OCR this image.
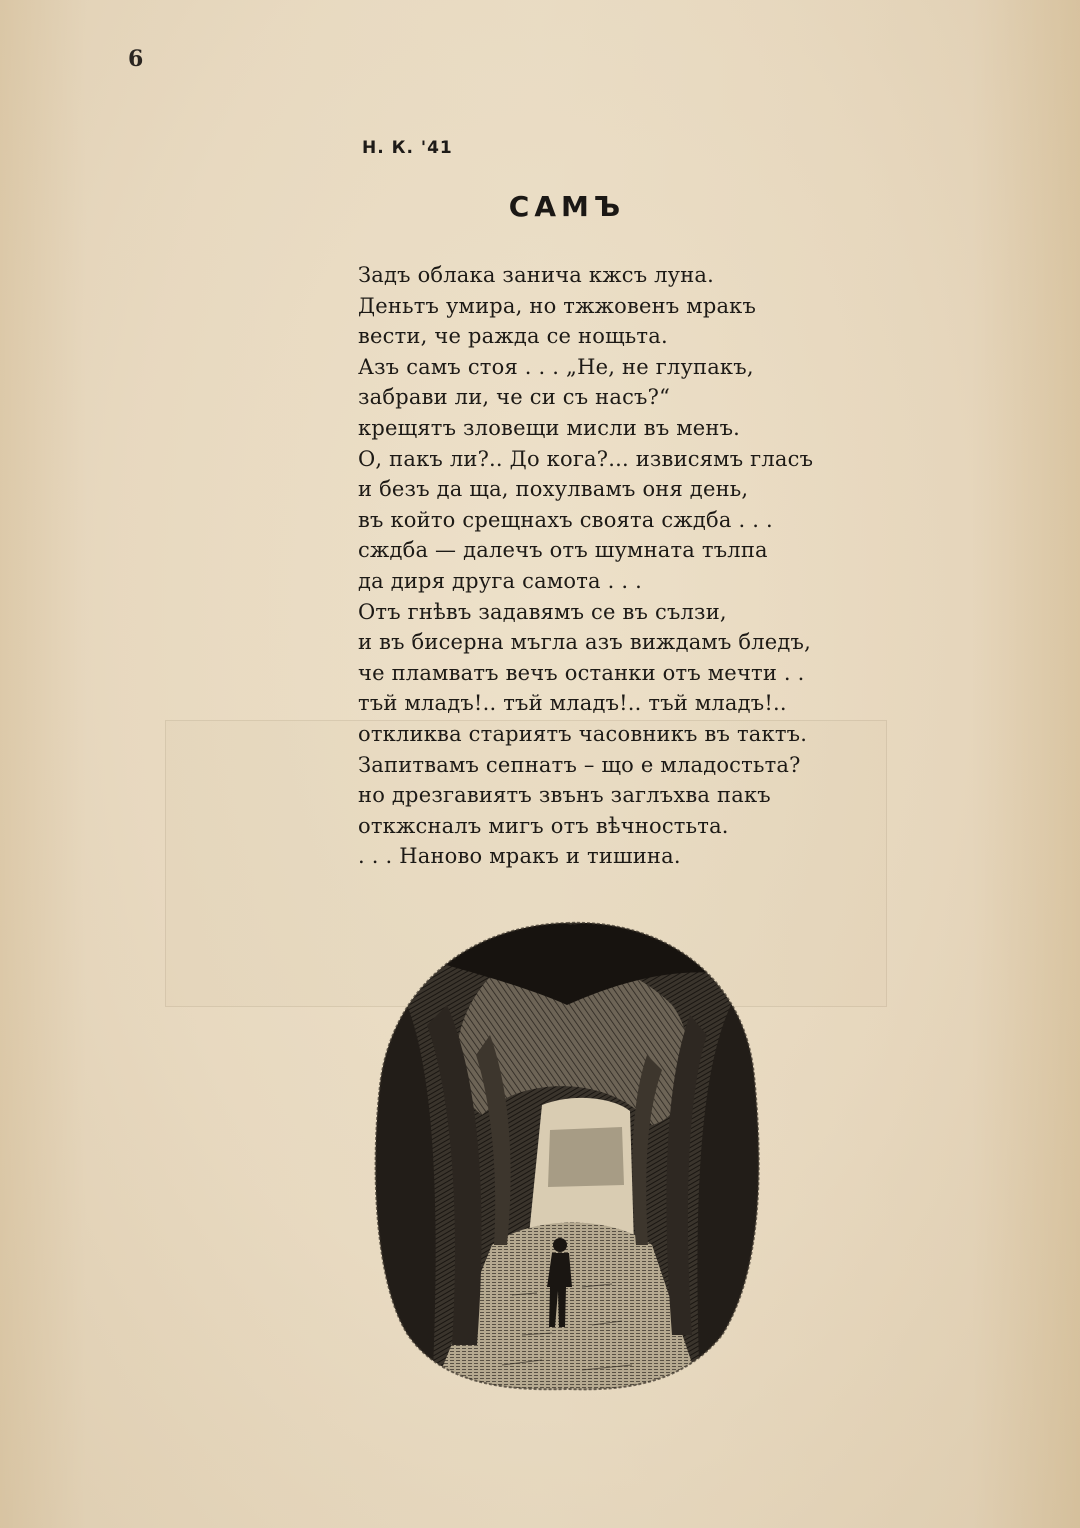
6
Н. К. '41
САМЪ
Задъ облака занича кжсъ луна.
Деньтъ умира, но тжжовенъ мракъ
вести, че ражда се нощьта.
Азъ самъ стоя . . . „Не, не глупакъ,
забрави ли, че си съ насъ?“
крещятъ зловещи мисли въ менъ.
О, пакъ ли?.. До кога?... извисямъ гласъ
и безъ да ща, похулвамъ оня день,
въ който срещнахъ своята сждба . . .
сждба — далечъ отъ шумната тълпа
да диря друга самота . . .
Отъ гнѣвъ задавямъ се въ сълзи,
и въ бисерна мъгла азъ виждамъ бледъ,
че пламватъ вечъ останки отъ мечти . .
тъй младъ!.. тъй младъ!.. тъй младъ!..
откликва стариятъ часовникъ въ тактъ.
Запитвамъ сепнатъ – що е младостьта?
но дрезгавиятъ звънъ заглъхва пакъ
откжсналъ мигъ отъ вѣчностьта.
. . . Наново мракъ и тишина.
